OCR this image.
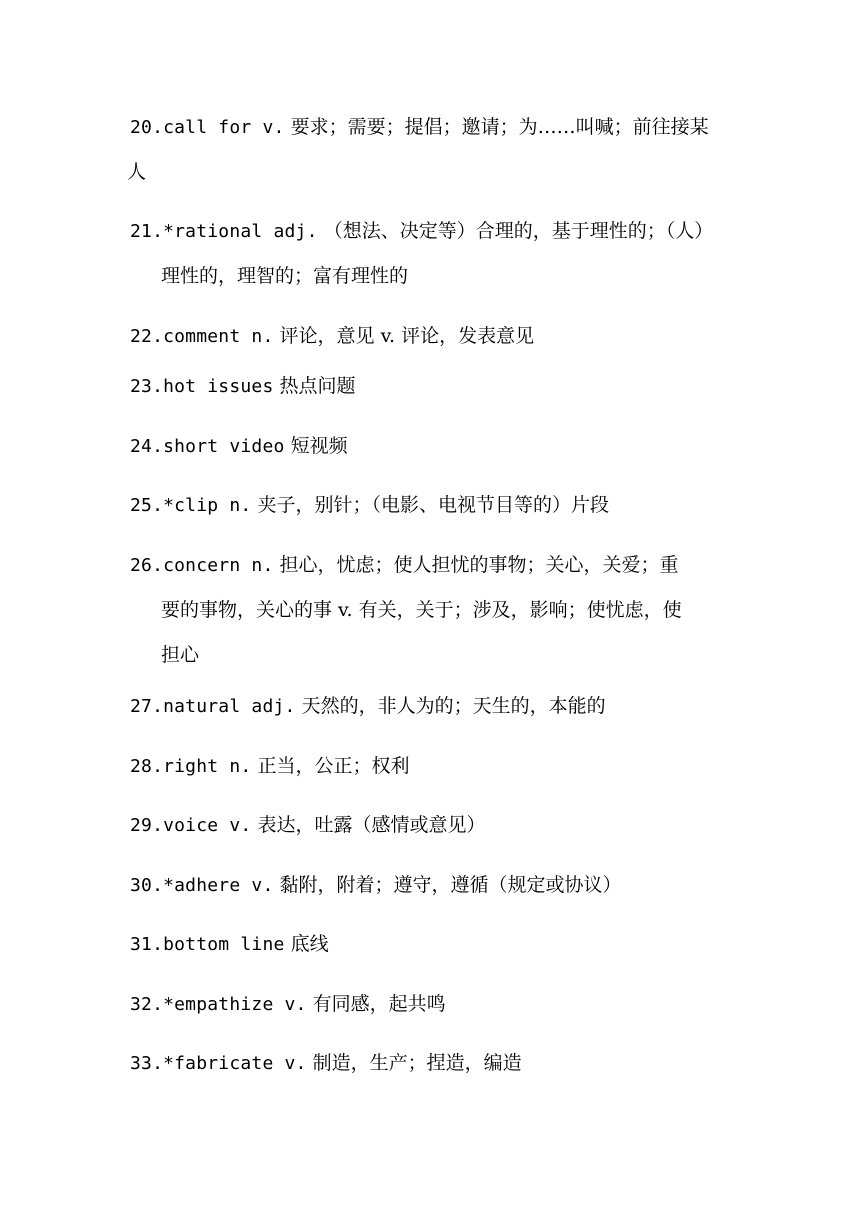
20.call for v. 要求；需要；提倡；邀请；为……叫喊；前往接某
人
21.*rational adj. （想法、决定等）合理的，基于理性的；（人）
理性的，理智的；富有理性的
22.comment n. 评论，意见 v. 评论，发表意见
23.hot issues 热点问题
24.short video 短视频
25.*clip n. 夹子，别针；（电影、电视节目等的）片段
26.concern n. 担心，忧虑；使人担忧的事物；关心，关爱；重
要的事物，关心的事 v. 有关，关于；涉及，影响；使忧虑，使
担心
27.natural adj. 天然的，非人为的；天生的，本能的
28.right n. 正当，公正；权利
29.voice v. 表达，吐露（感情或意见）
30.*adhere v. 黏附，附着；遵守，遵循（规定或协议）
31.bottom line 底线
32.*empathize v. 有同感，起共鸣
33.*fabricate v. 制造，生产；捏造，编造
